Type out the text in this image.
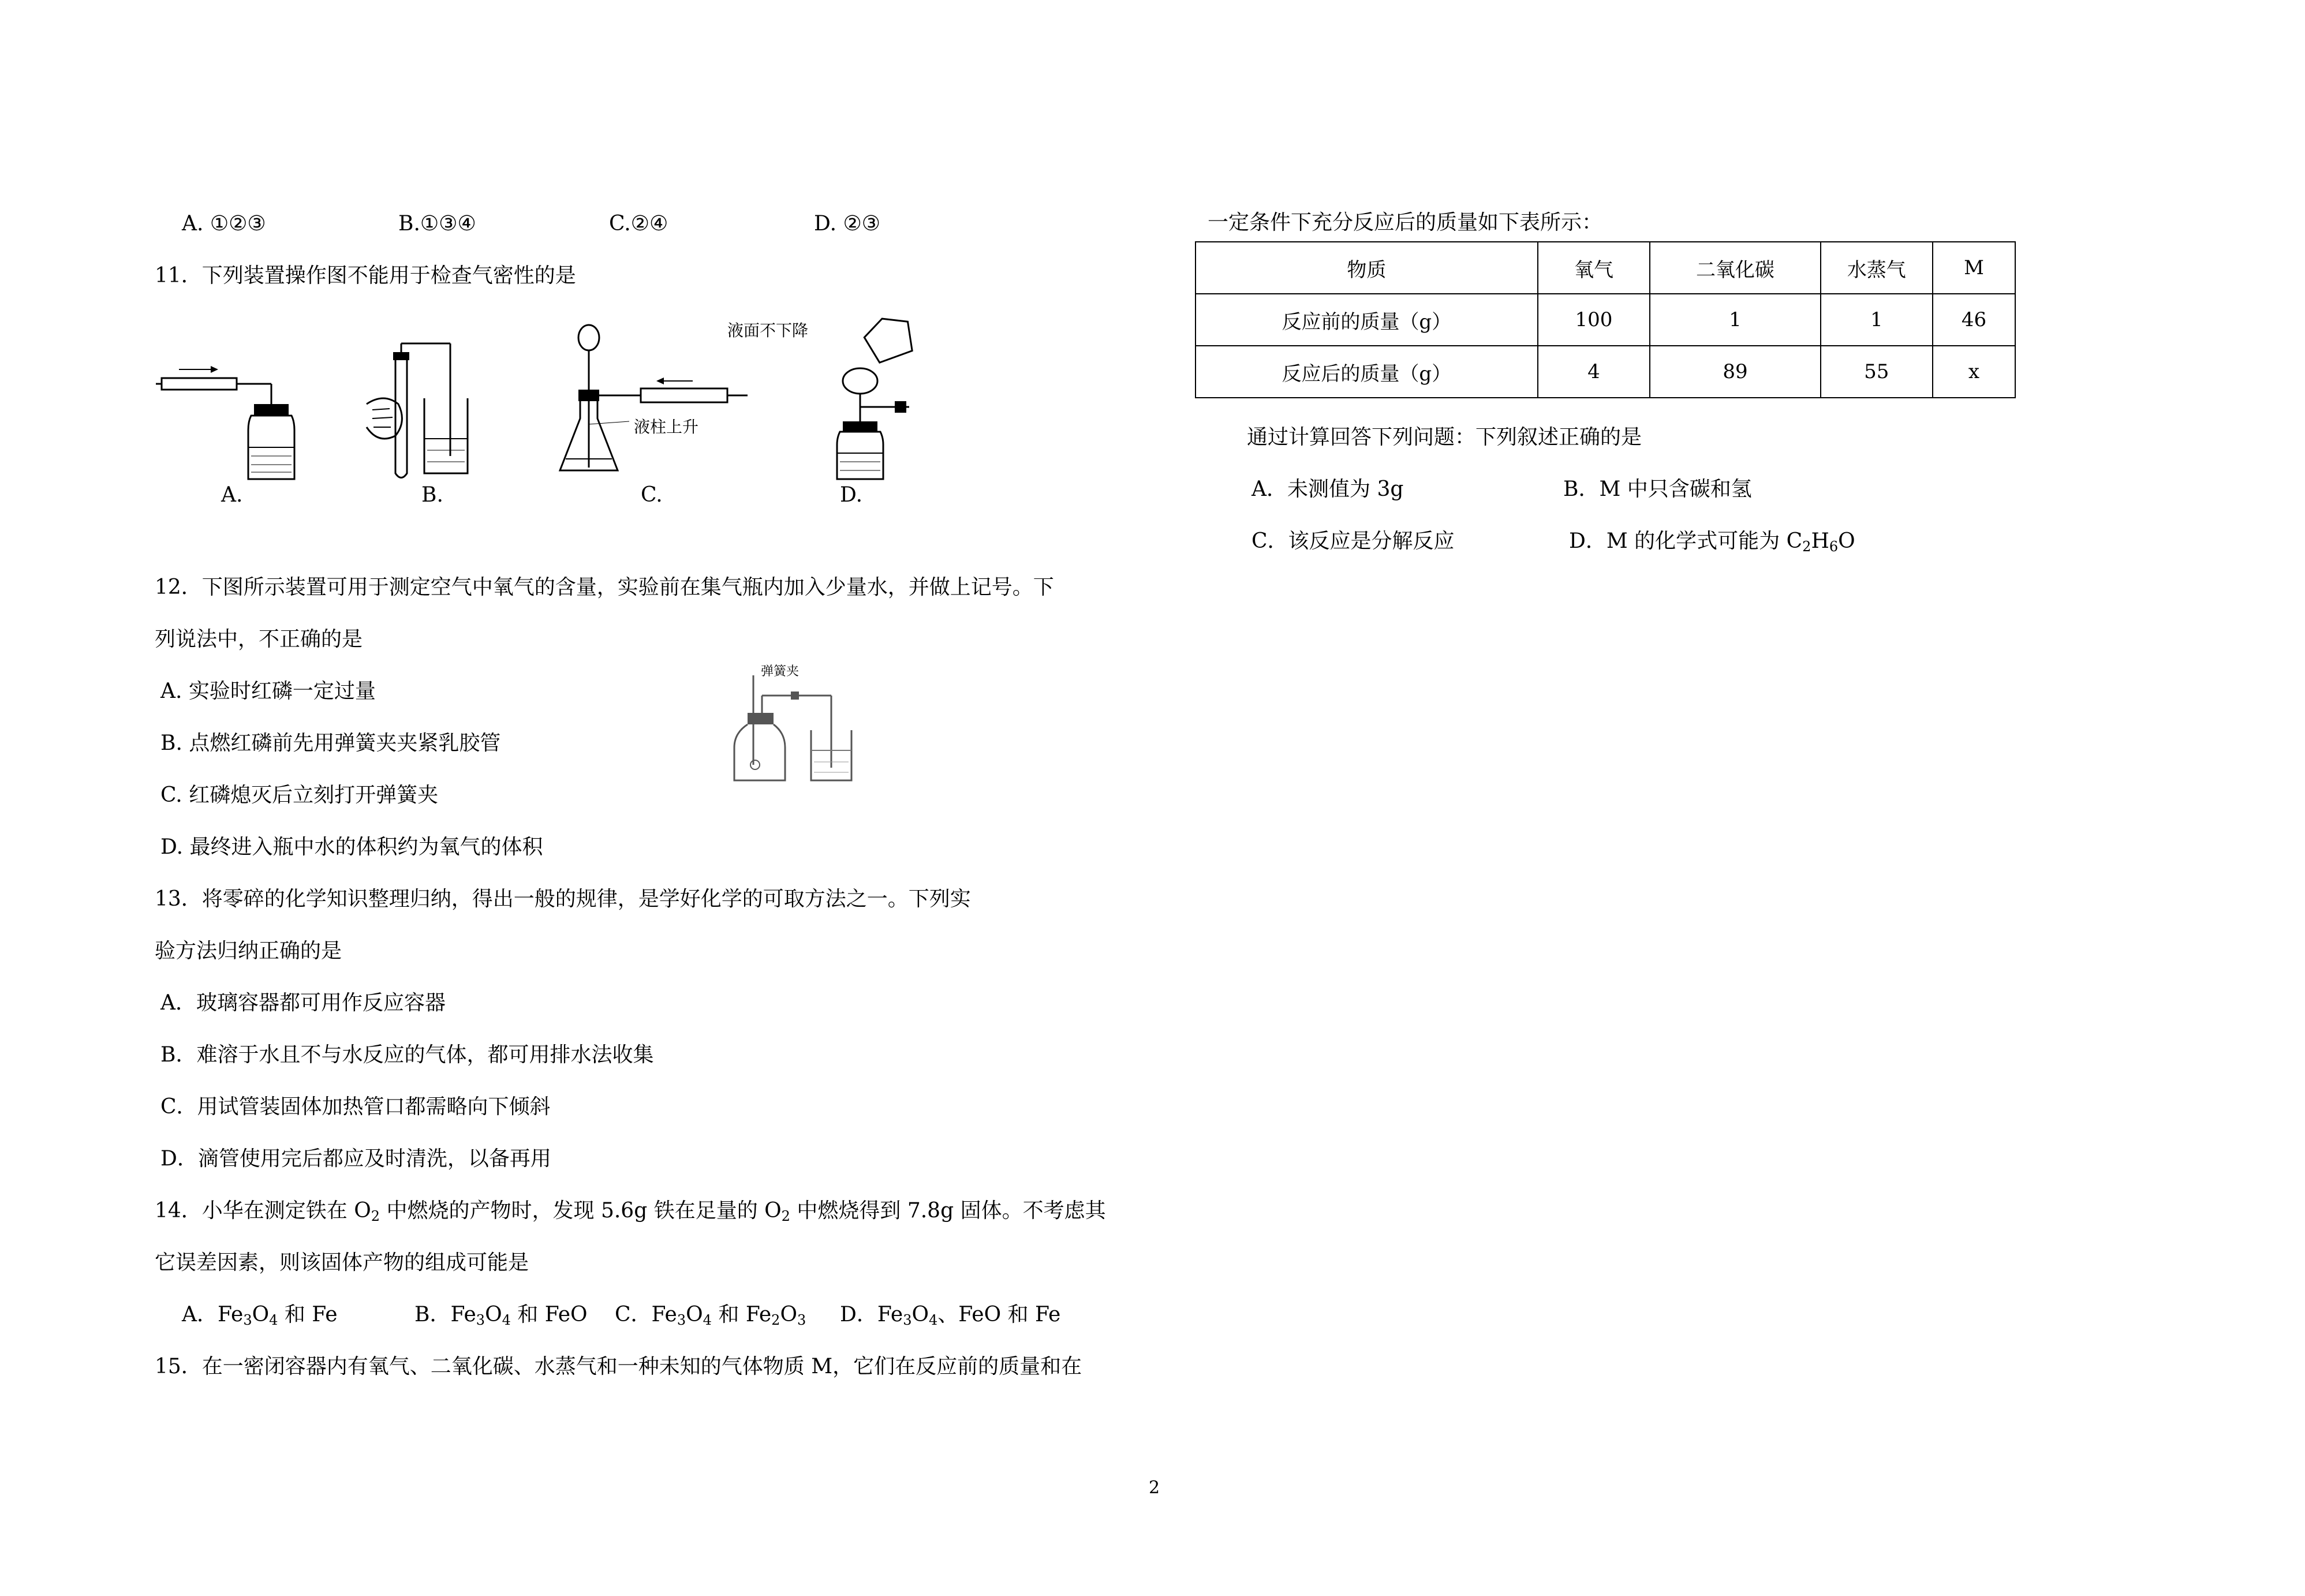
A. ①②③	B.①③④	C.②④	D. ②③
11．下列装置操作图不能用于检查气密性的是
A.	B.
液面不下降
液柱上升
C.	D.
12．下图所示装置可用于测定空气中氧气的含量，实验前在集气瓶内加入少量水，并做上记号。下
列说法中，不正确的是
A. 实验时红磷一定过量
B. 点燃红磷前先用弹簧夹夹紧乳胶管
C. 红磷熄灭后立刻打开弹簧夹
D. 最终进入瓶中水的体积约为氧气的体积
弹簧夹
13．将零碎的化学知识整理归纳，得出一般的规律，是学好化学的可取方法之一。下列实
验方法归纳正确的是
A．玻璃容器都可用作反应容器
B．难溶于水且不与水反应的气体，都可用排水法收集
C．用试管装固体加热管口都需略向下倾斜
D．滴管使用完后都应及时清洗，以备再用
14．小华在测定铁在 $O_2$ 中燃烧的产物时，发现 5.6g 铁在足量的 $O_2$ 中燃烧得到 7.8g 固体。不考虑其
它误差因素，则该固体产物的组成可能是
A．$Fe_3O_4$ 和 Fe	B．$Fe_3O_4$ 和 FeO C．$Fe_3O_4$ 和 $Fe_2O_3$ D．$Fe_3O_4$、FeO 和 Fe
15．在一密闭容器内有氧气、二氧化碳、水蒸气和一种未知的气体物质 M，它们在反应前的质量和在
一定条件下充分反应后的质量如下表所示：
物质	氧气	二氧化碳	水蒸气	M
反应前的质量（g）	100	1	1	46
反应后的质量（g）	4	89	55	x
通过计算回答下列问题：下列叙述正确的是
A．未测值为 3g	B．M 中只含碳和氢
C．该反应是分解反应	D．M 的化学式可能为 $C_2H_6O$
2
